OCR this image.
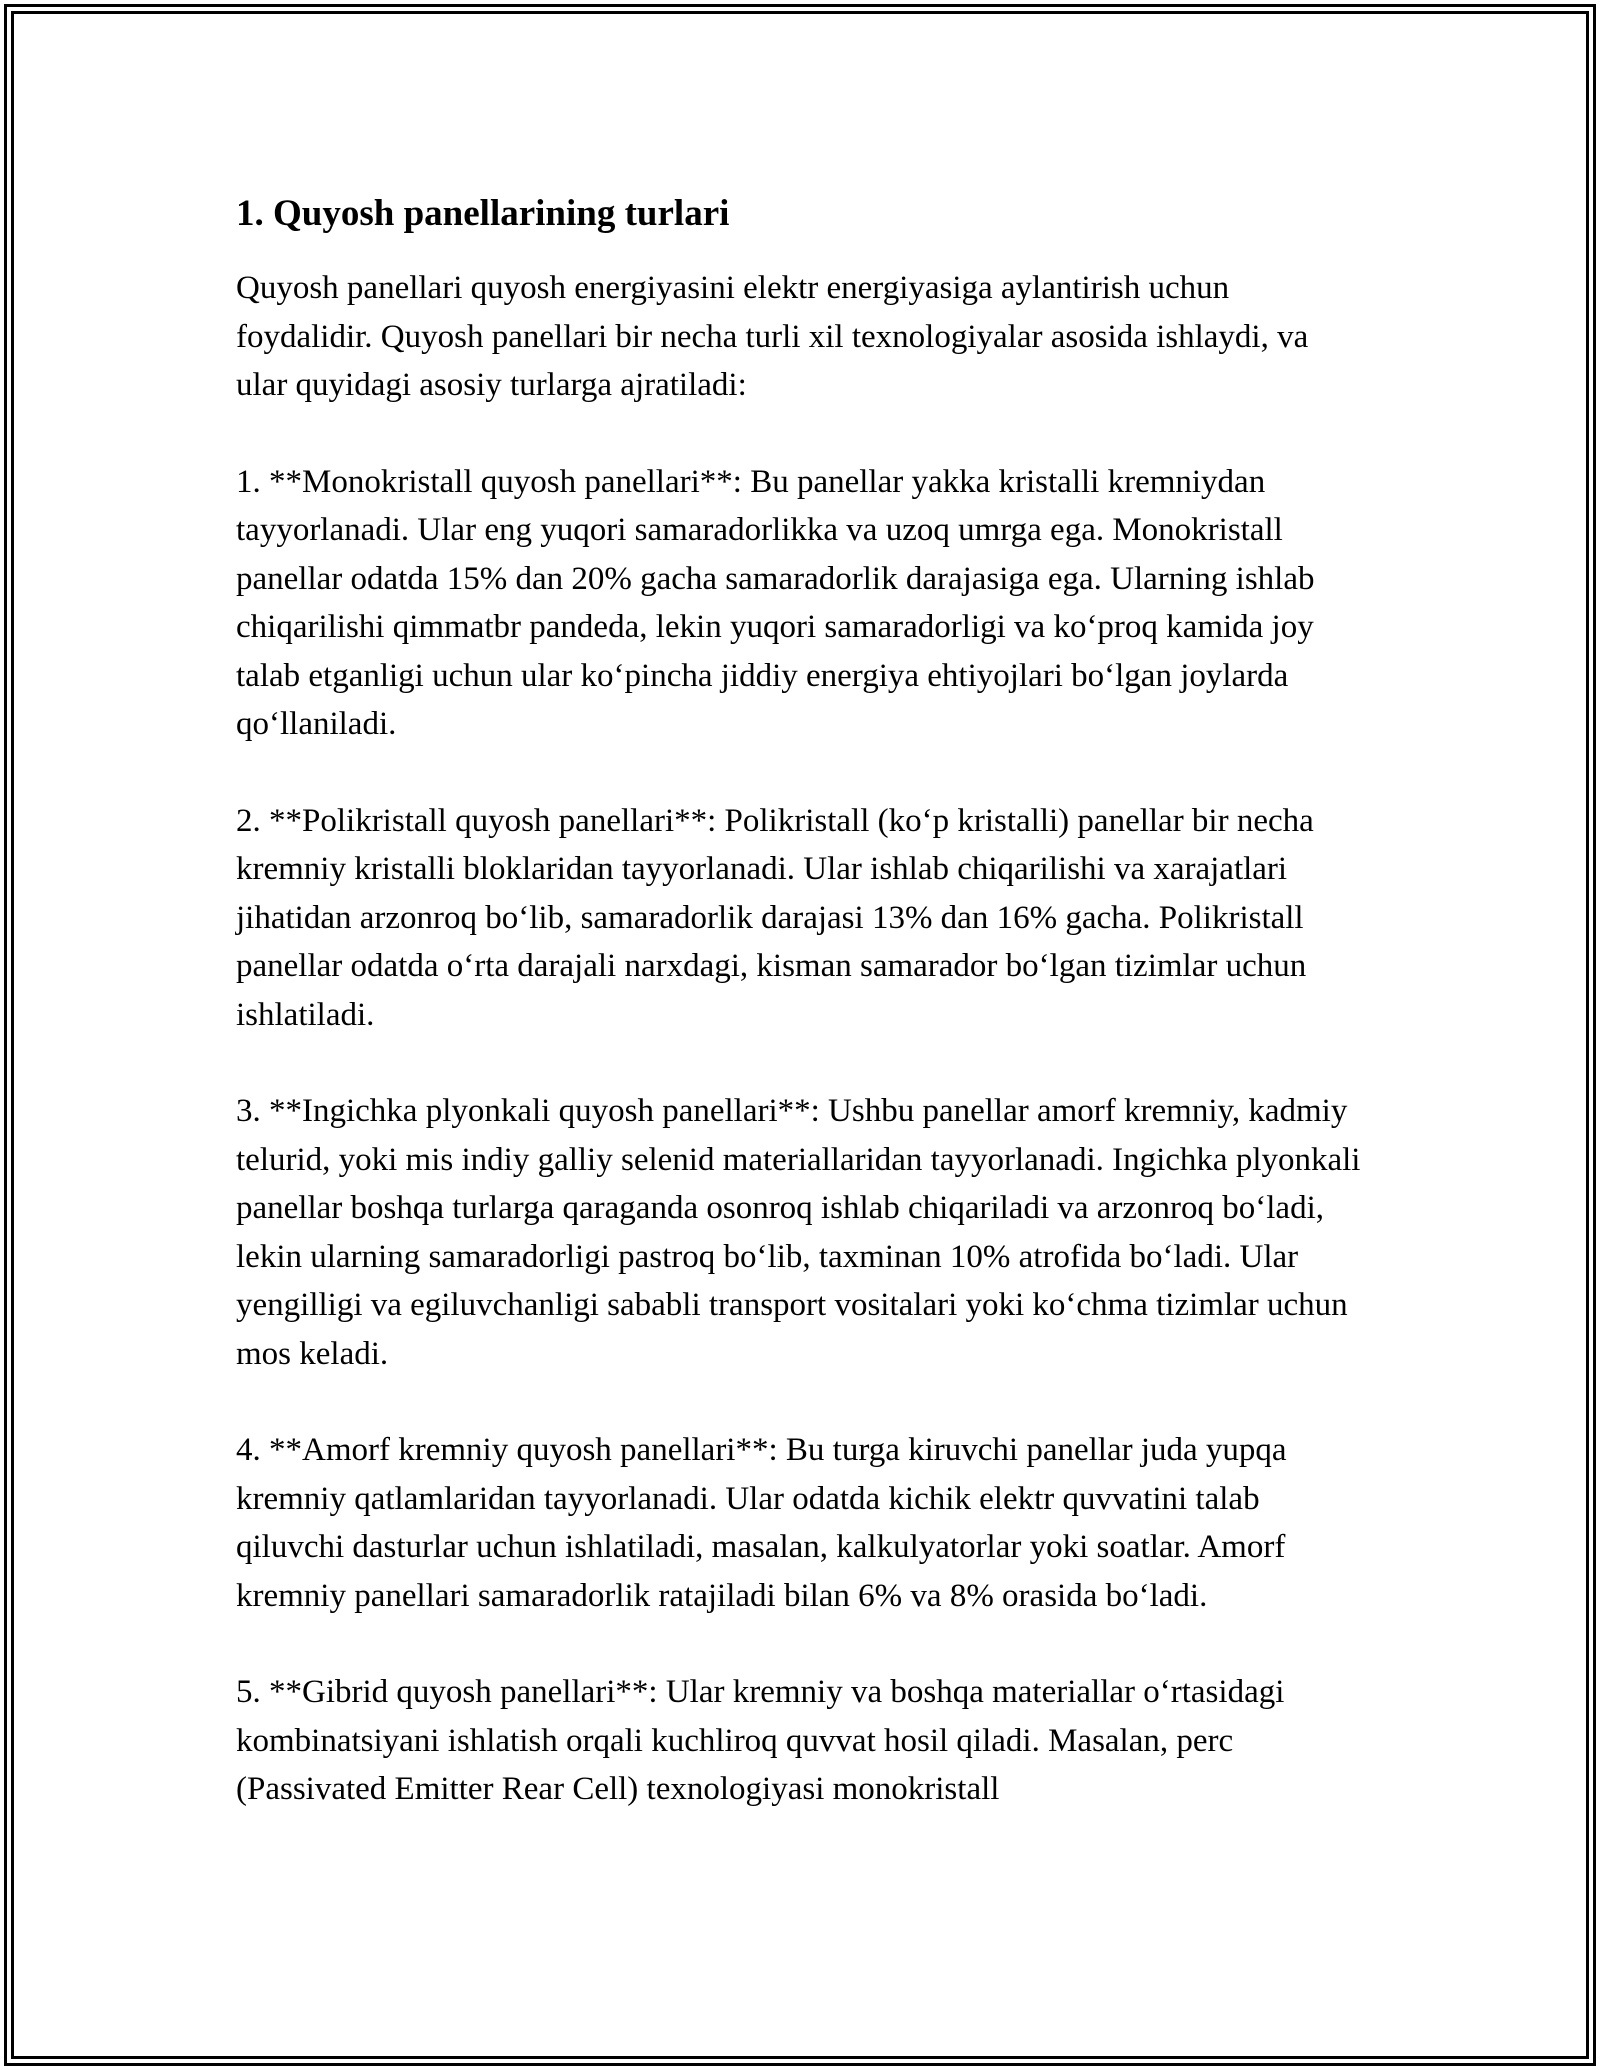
1. Quyosh panellarining turlari

Quyosh panellari quyosh energiyasini elektr energiyasiga aylantirish uchun foydalidir. Quyosh panellari bir necha turli xil texnologiyalar asosida ishlaydi, va ular quyidagi asosiy turlarga ajratiladi:

1. **Monokristall quyosh panellari**: Bu panellar yakka kristalli kremniydan tayyorlanadi. Ular eng yuqori samaradorlikka va uzoq umrga ega. Monokristall panellar odatda 15% dan 20% gacha samaradorlik darajasiga ega. Ularning ishlab chiqarilishi qimmatbr pandeda, lekin yuqori samaradorligi va ko‘proq kamida joy talab etganligi uchun ular ko‘pincha jiddiy energiya ehtiyojlari bo‘lgan joylarda qo‘llaniladi.

2. **Polikristall quyosh panellari**: Polikristall (ko‘p kristalli) panellar bir necha kremniy kristalli bloklaridan tayyorlanadi. Ular ishlab chiqarilishi va xarajatlari jihatidan arzonroq bo‘lib, samaradorlik darajasi 13% dan 16% gacha. Polikristall panellar odatda o‘rta darajali narxdagi, kisman samarador bo‘lgan tizimlar uchun ishlatiladi.

3. **Ingichka plyonkali quyosh panellari**: Ushbu panellar amorf kremniy, kadmiy telurid, yoki mis indiy galliy selenid materiallaridan tayyorlanadi. Ingichka plyonkali panellar boshqa turlarga qaraganda osonroq ishlab chiqariladi va arzonroq bo‘ladi, lekin ularning samaradorligi pastroq bo‘lib, taxminan 10% atrofida bo‘ladi. Ular yengilligi va egiluvchanligi sababli transport vositalari yoki ko‘chma tizimlar uchun mos keladi.

4. **Amorf kremniy quyosh panellari**: Bu turga kiruvchi panellar juda yupqa kremniy qatlamlaridan tayyorlanadi. Ular odatda kichik elektr quvvatini talab qiluvchi dasturlar uchun ishlatiladi, masalan, kalkulyatorlar yoki soatlar. Amorf kremniy panellari samaradorlik ratajiladi bilan 6% va 8% orasida bo‘ladi.

5. **Gibrid quyosh panellari**: Ular kremniy va boshqa materiallar o‘rtasidagi kombinatsiyani ishlatish orqali kuchliroq quvvat hosil qiladi. Masalan, perc (Passivated Emitter Rear Cell) texnologiyasi monokristall
